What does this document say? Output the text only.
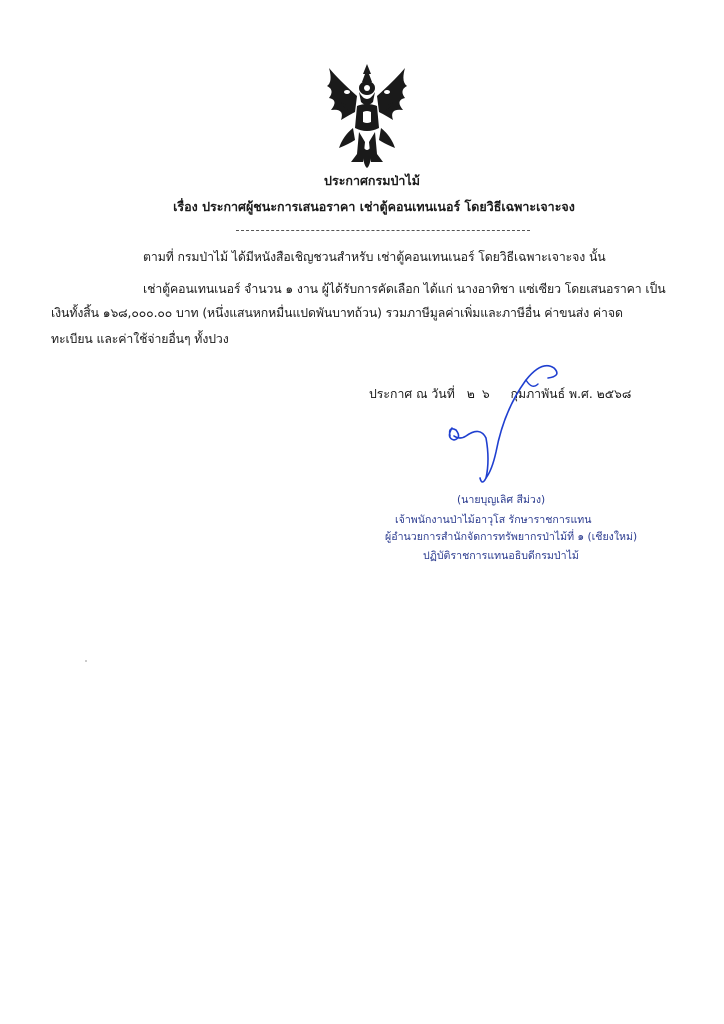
ประกาศกรมป่าไม้
เรื่อง ประกาศผู้ชนะการเสนอราคา เช่าตู้คอนเทนเนอร์ โดยวิธีเฉพาะเจาะจง
ตามที่ กรมป่าไม้ ได้มีหนังสือเชิญชวนสำหรับ เช่าตู้คอนเทนเนอร์ โดยวิธีเฉพาะเจาะจง นั้น
เช่าตู้คอนเทนเนอร์ จำนวน ๑ งาน ผู้ได้รับการคัดเลือก ได้แก่ นางอาทิชา แซ่เซียว โดยเสนอราคา เป็น
เงินทั้งสิ้น ๑๖๘,๐๐๐.๐๐ บาท (หนึ่งแสนหกหมื่นแปดพันบาทถ้วน) รวมภาษีมูลค่าเพิ่มและภาษีอื่น ค่าขนส่ง ค่าจด
ทะเบียน และค่าใช้จ่ายอื่นๆ ทั้งปวง
ประกาศ ณ วันที่ ๒๖ กุมภาพันธ์ พ.ศ. ๒๕๖๘
(นายบุญเลิศ สีม่วง)
เจ้าพนักงานป่าไม้อาวุโส รักษาราชการแทน
ผู้อำนวยการสำนักจัดการทรัพยากรป่าไม้ที่ ๑ (เชียงใหม่)
ปฏิบัติราชการแทนอธิบดีกรมป่าไม้
